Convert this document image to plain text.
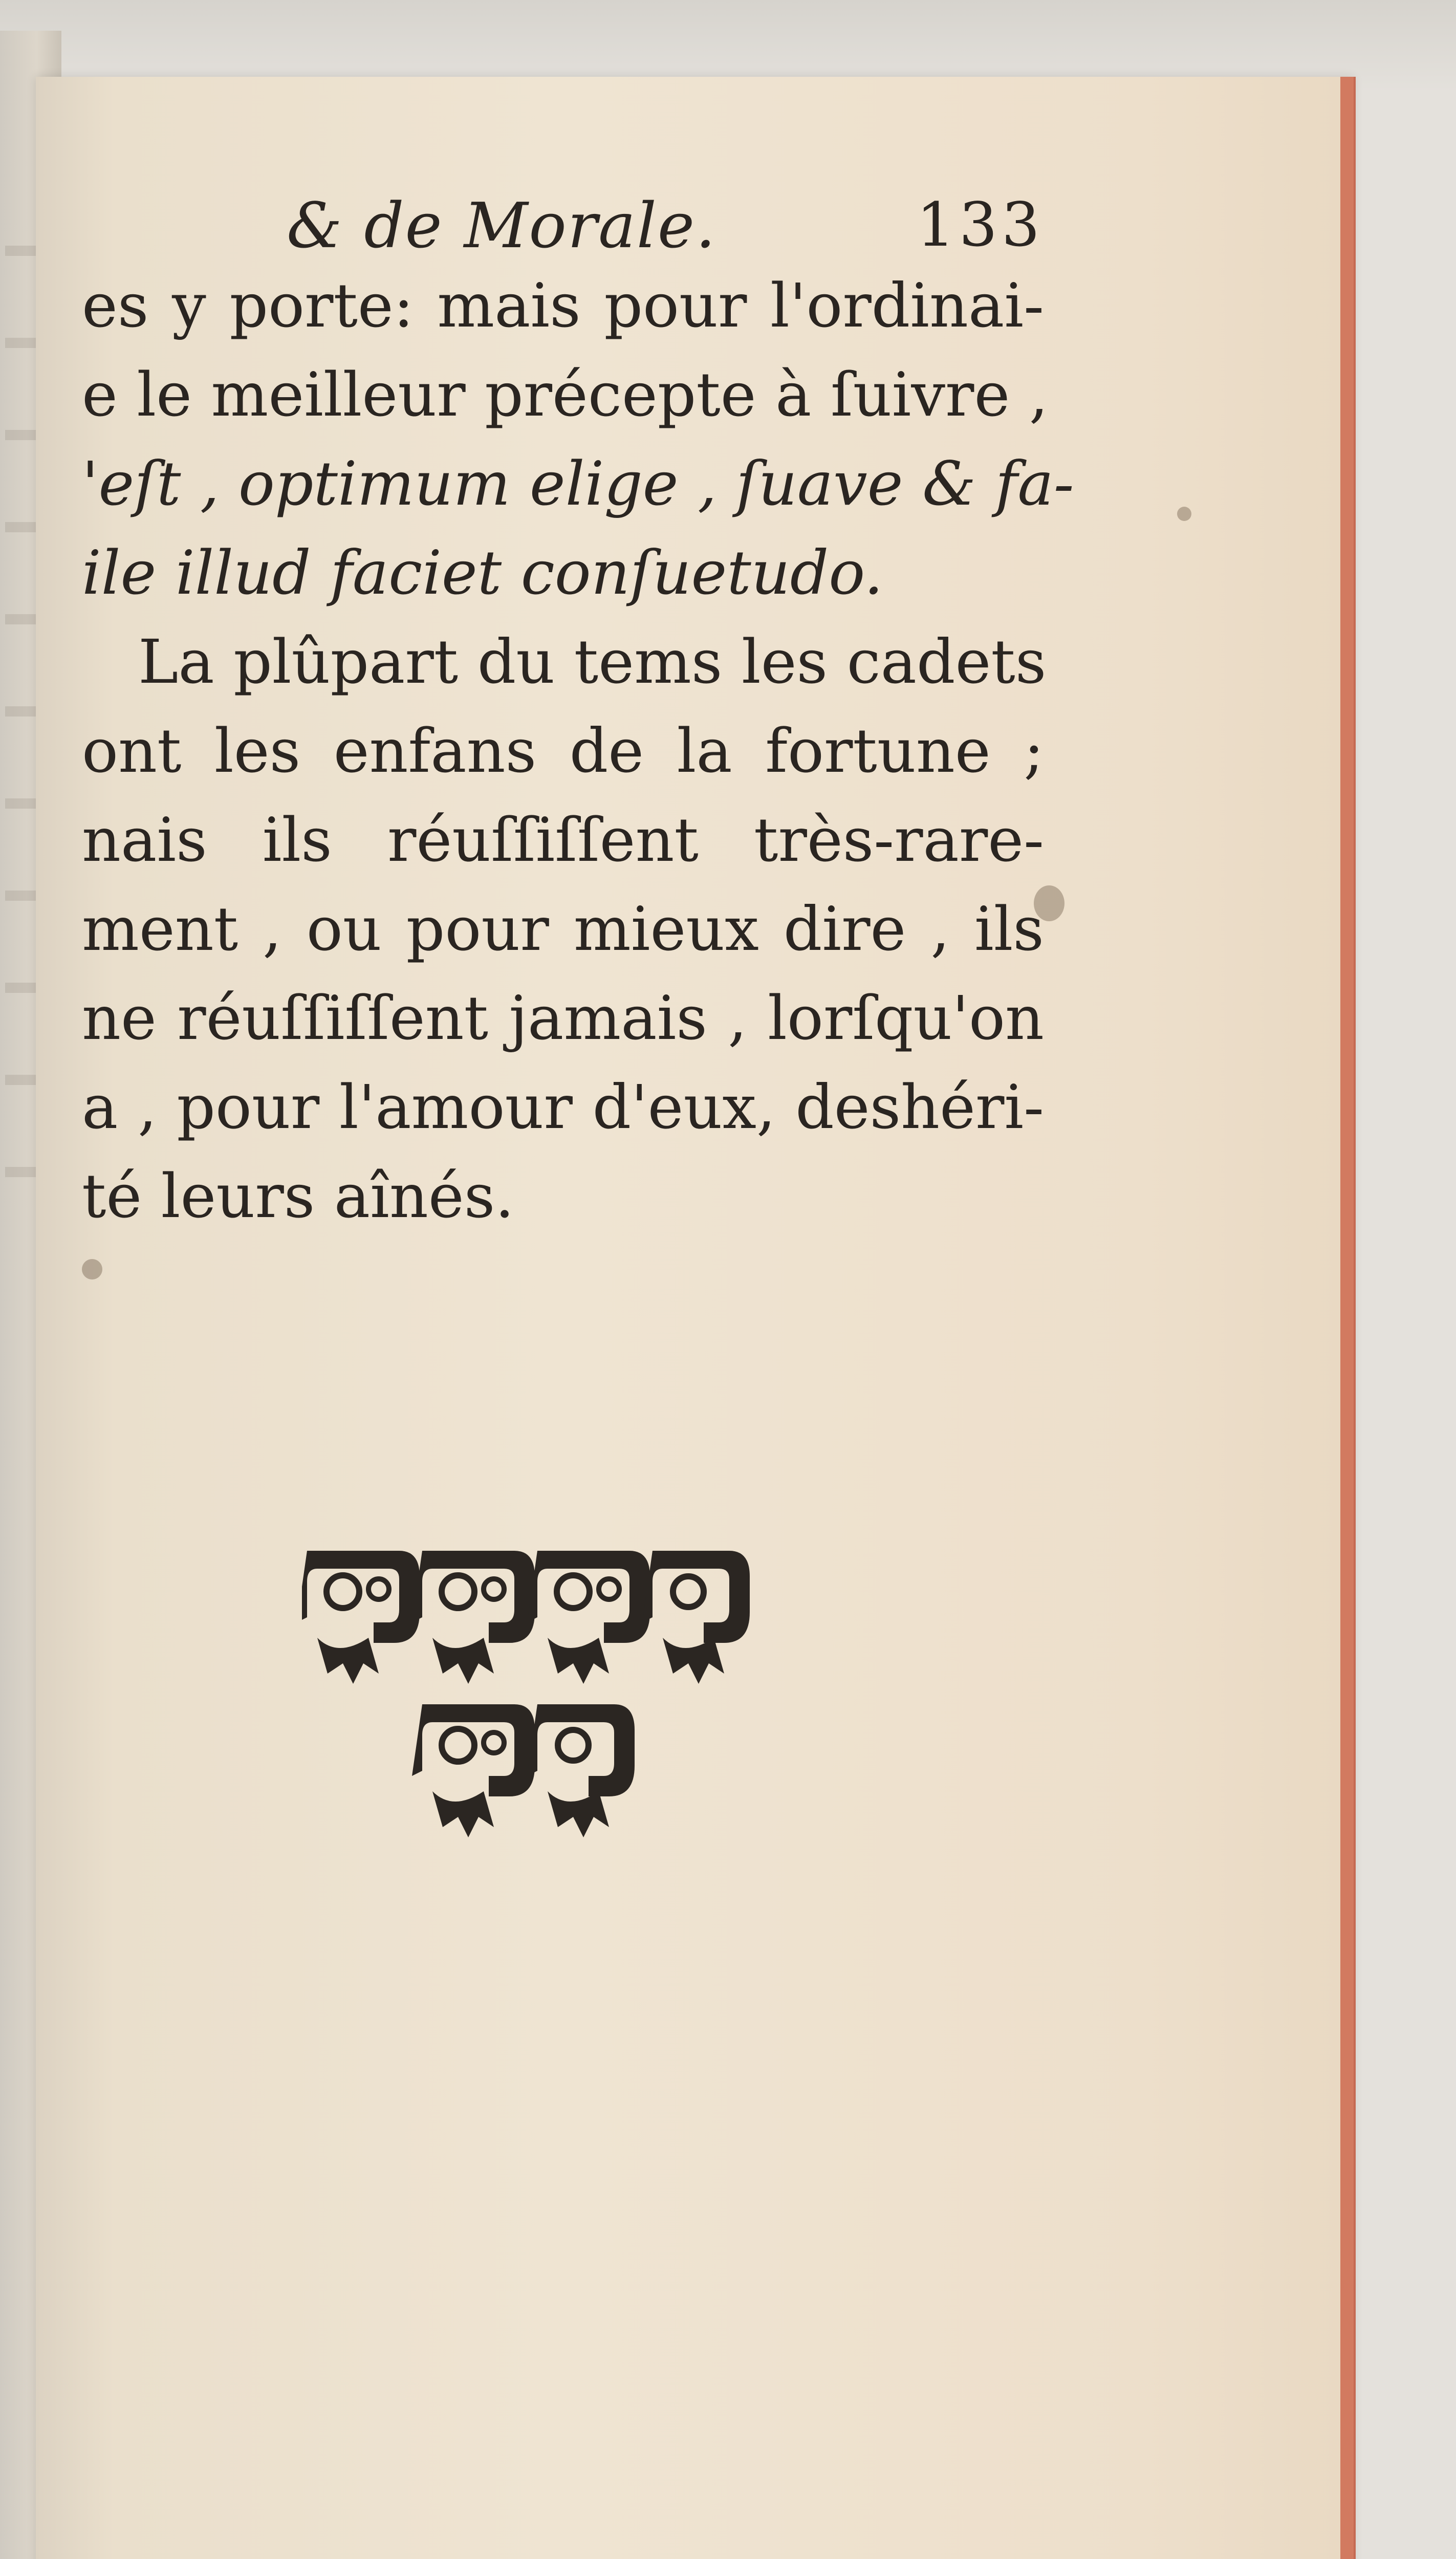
& de Morale.	133
es y porte: mais pour l'ordinai-
e le meilleur précepte à ſuivre ,
'eſt , optimum elige , ſuave & fa-
ile illud faciet conſuetudo.
La plûpart du tems les cadets
ont les enfans de la fortune ;
nais ils réuſſiſſent très-rare-
ment , ou pour mieux dire , ils
ne réuſſiſſent jamais , lorſqu'on
a , pour l'amour d'eux, deshéri-
té leurs aînés.
